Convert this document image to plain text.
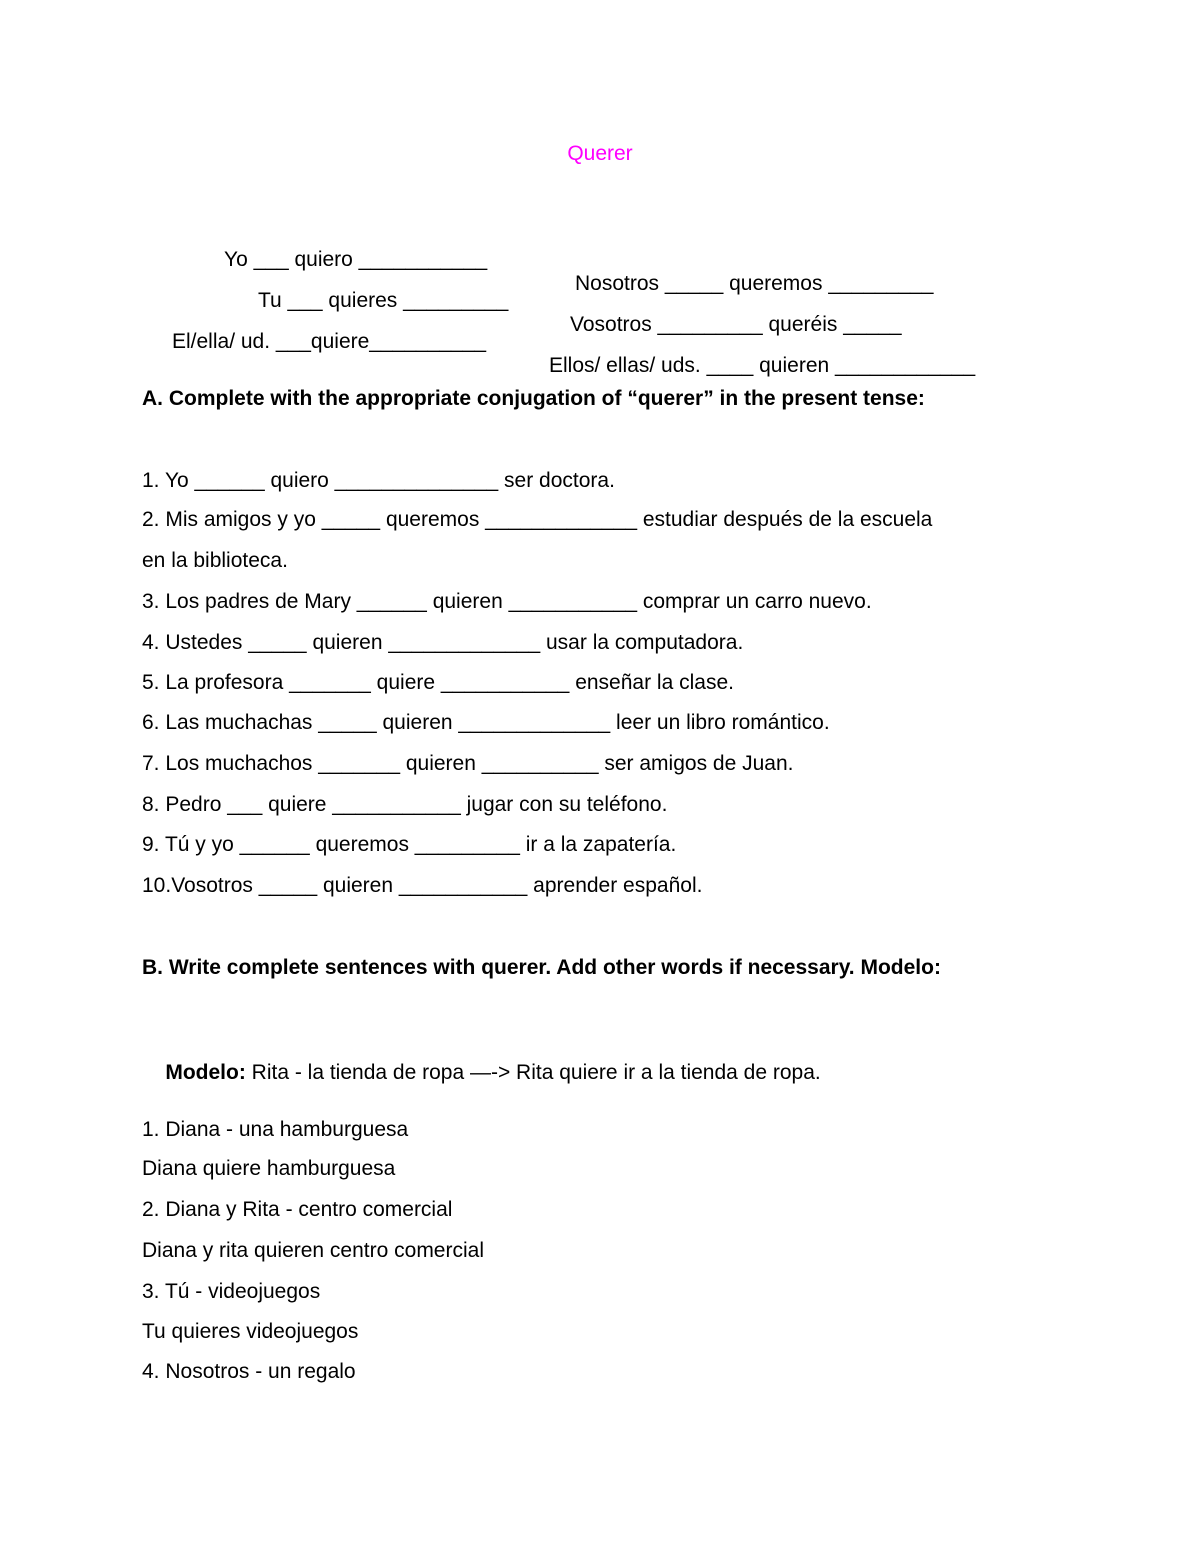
Querer

Yo ___ quiero ___________

Nosotros _____ queremos _________

Tu ___ quieres _________

Vosotros _________ queréis _____

El/ella/ ud. ___quiere__________

Ellos/ ellas/ uds. ____ quieren ____________

A. Complete with the appropriate conjugation of “querer” in the present tense:
1. Yo ______ quiero ______________ ser doctora.
2. Mis amigos y yo _____ queremos _____________ estudiar después de la escuela
en la biblioteca.
3. Los padres de Mary ______ quieren ___________ comprar un carro nuevo.
4. Ustedes _____ quieren _____________ usar la computadora.
5. La profesora _______ quiere ___________ enseñar la clase.
6. Las muchachas _____ quieren _____________ leer un libro romántico.
7. Los muchachos _______ quieren __________ ser amigos de Juan.
8. Pedro ___ quiere ___________ jugar con su teléfono.
9. Tú y yo ______ queremos _________ ir a la zapatería.
10.Vosotros _____ quieren ___________ aprender español.
B. Write complete sentences with querer. Add other words if necessary. Modelo:

Modelo: Rita - la tienda de ropa —-> Rita quiere ir a la tienda de ropa.

1. Diana - una hamburguesa
Diana quiere hamburguesa
2. Diana y Rita - centro comercial
Diana y rita quieren centro comercial
3. Tú - videojuegos
Tu quieres videojuegos
4. Nosotros - un regalo
